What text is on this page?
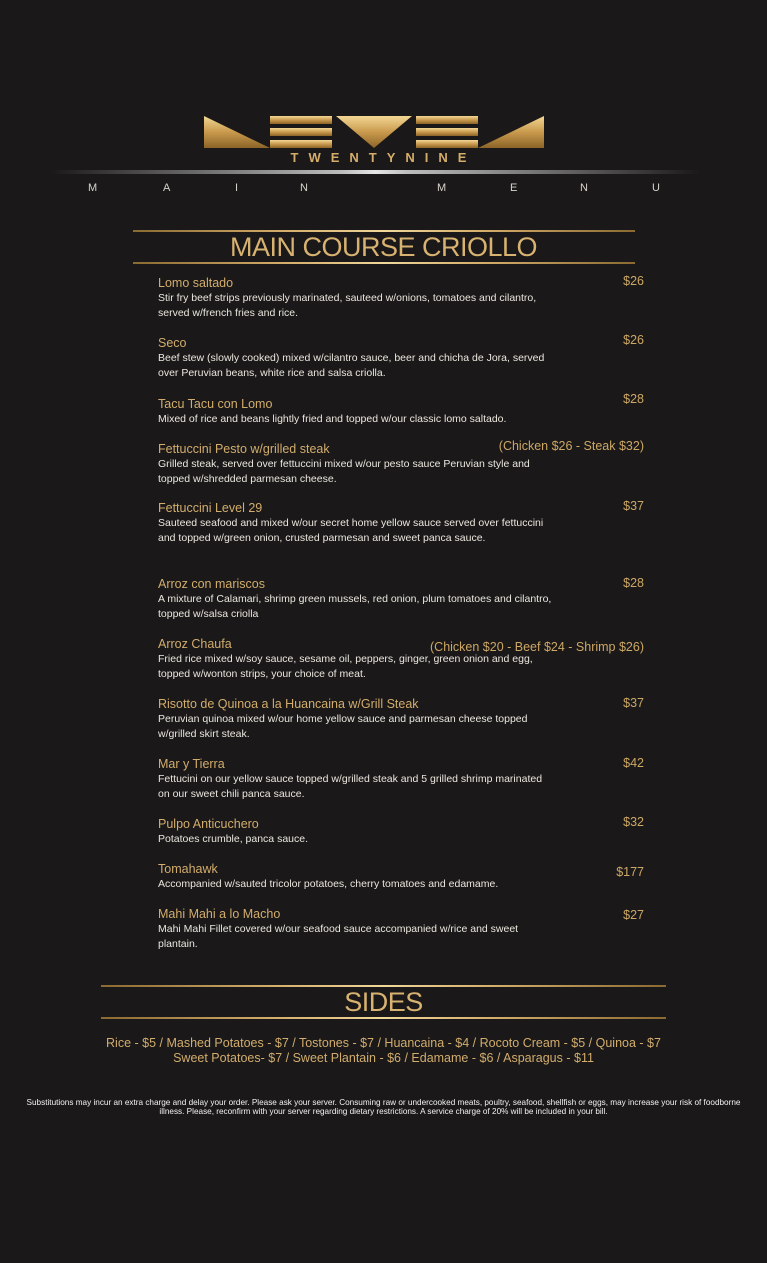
TWENTYNINE
M	A	I	N	M	E	N	U
MAIN COURSE CRIOLLO
Lomo saltado
Stir fry beef strips previously marinated, sauteed w/onions, tomatoes and cilantro, served w/french fries and rice.
$26
Seco
Beef stew (slowly cooked) mixed w/cilantro sauce, beer and chicha de Jora, served over Peruvian beans, white rice and salsa criolla.
$26
Tacu Tacu con Lomo
Mixed of rice and beans lightly fried and topped w/our classic lomo saltado.
$28
Fettuccini Pesto w/grilled steak
Grilled steak, served over fettuccini mixed w/our pesto sauce Peruvian style and topped w/shredded parmesan cheese.
(Chicken $26 - Steak $32)
Fettuccini Level 29
Sauteed seafood and mixed w/our secret home yellow sauce served over fettuccini and topped w/green onion, crusted parmesan and sweet panca sauce.
$37
Arroz con mariscos
A mixture of Calamari, shrimp green mussels, red onion, plum tomatoes and cilantro, topped w/salsa criolla
$28
Arroz Chaufa
Fried rice mixed w/soy sauce, sesame oil, peppers, ginger, green onion and egg, topped w/wonton strips, your choice of meat.
(Chicken $20 - Beef $24 - Shrimp $26)
Risotto de Quinoa a la Huancaina w/Grill Steak
Peruvian quinoa mixed w/our home yellow sauce and parmesan cheese topped w/grilled skirt steak.
$37
Mar y Tierra
Fettucini on our yellow sauce topped w/grilled steak and 5 grilled shrimp marinated on our sweet chili panca sauce.
$42
Pulpo Anticuchero
Potatoes crumble, panca sauce.
$32
Tomahawk
Accompanied w/sauted tricolor potatoes, cherry tomatoes and edamame.
$177
Mahi Mahi a lo Macho
Mahi Mahi Fillet covered w/our seafood sauce accompanied w/rice and sweet plantain.
$27
SIDES
Rice - $5 / Mashed Potatoes - $7 / Tostones - $7 / Huancaina - $4 / Rocoto Cream - $5 / Quinoa - $7
Sweet Potatoes- $7 / Sweet Plantain - $6 / Edamame - $6 / Asparagus - $11
Substitutions may incur an extra charge and delay your order. Please ask your server. Consuming raw or undercooked meats, poultry, seafood, shellfish or eggs, may increase your risk of foodborne illness. Please, reconfirm with your server regarding dietary restrictions. A service charge of 20% will be included in your bill.
